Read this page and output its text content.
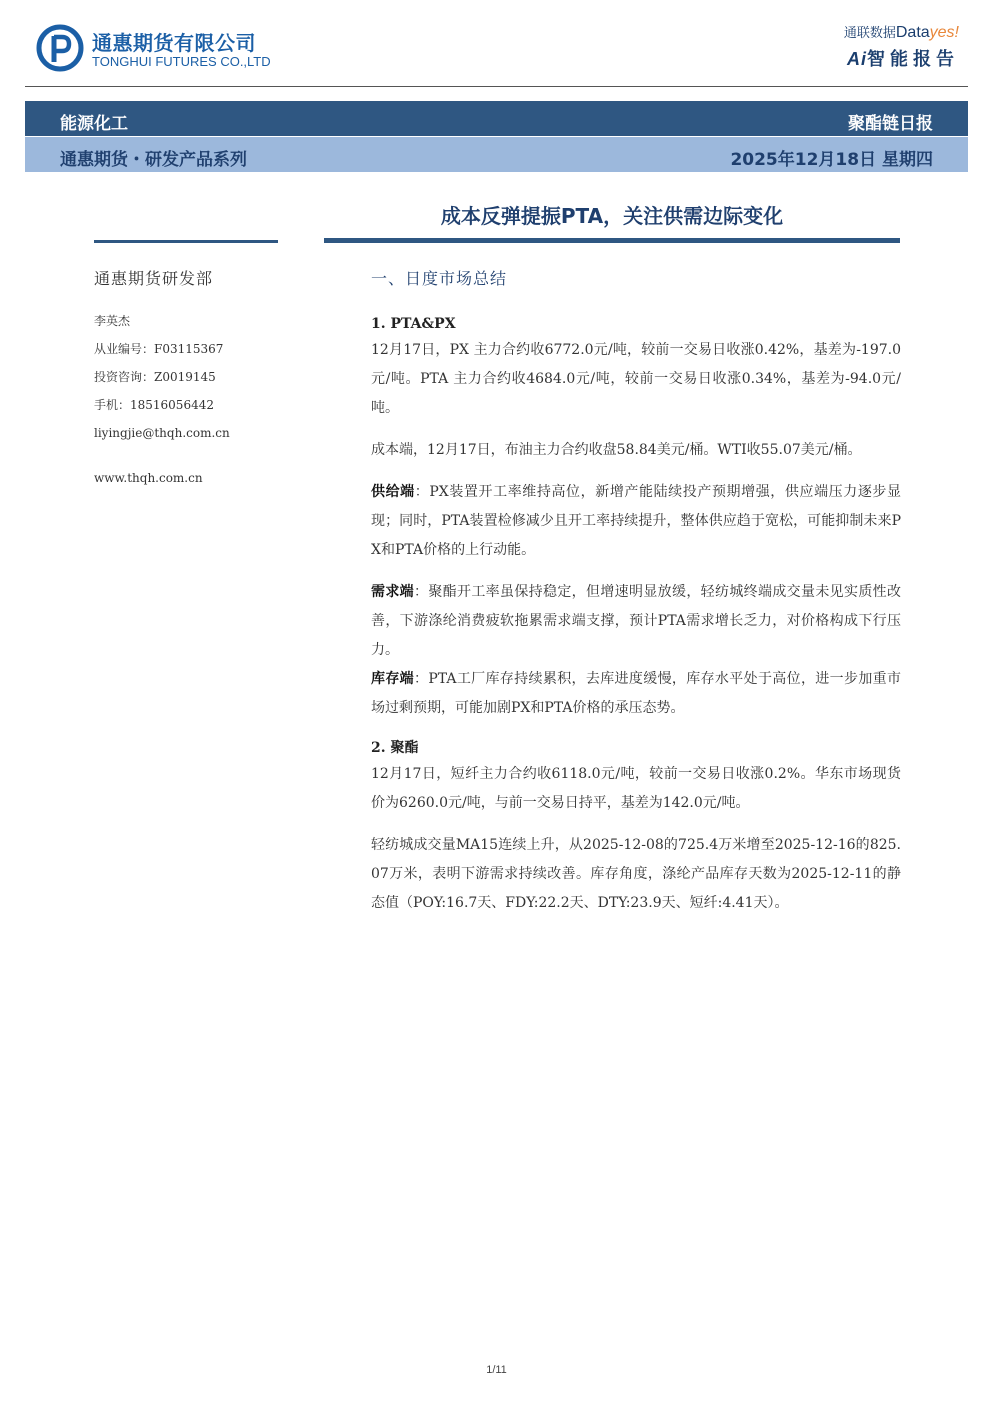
通惠期货有限公司
TONGHUI FUTURES CO.,LTD
通联数据Datayes!
Ai智能报告
能源化工	聚酯链日报
通惠期货・研发产品系列	2025年12月18日 星期四
成本反弹提振PTA，关注供需边际变化
通惠期货研发部
李英杰
从业编号：F03115367
投资咨询：Z0019145
手机：18516056442
liyingjie@thqh.com.cn
www.thqh.com.cn
一、日度市场总结
1. PTA&PX

12月17日，PX 主力合约收6772.0元/吨，较前一交易日收涨0.42%，基差为-197.0元/吨。PTA 主力合约收4684.0元/吨，较前一交易日收涨0.34%，基差为-94.0元/吨。

成本端，12月17日，布油主力合约收盘58.84美元/桶。WTI收55.07美元/桶。

供给端：PX装置开工率维持高位，新增产能陆续投产预期增强，供应端压力逐步显现；同时，PTA装置检修减少且开工率持续提升，整体供应趋于宽松，可能抑制未来PX和PTA价格的上行动能。

需求端：聚酯开工率虽保持稳定，但增速明显放缓，轻纺城终端成交量未见实质性改善，下游涤纶消费疲软拖累需求端支撑，预计PTA需求增长乏力，对价格构成下行压力。

库存端：PTA工厂库存持续累积，去库进度缓慢，库存水平处于高位，进一步加重市场过剩预期，可能加剧PX和PTA价格的承压态势。

2. 聚酯

12月17日，短纤主力合约收6118.0元/吨，较前一交易日收涨0.2%。华东市场现货价为6260.0元/吨，与前一交易日持平，基差为142.0元/吨。

轻纺城成交量MA15连续上升，从2025-12-08的725.4万米增至2025-12-16的825.07万米，表明下游需求持续改善。库存角度，涤纶产品库存天数为2025-12-11的静态值（POY:16.7天、FDY:22.2天、DTY:23.9天、短纤:4.41天）。

1/11
